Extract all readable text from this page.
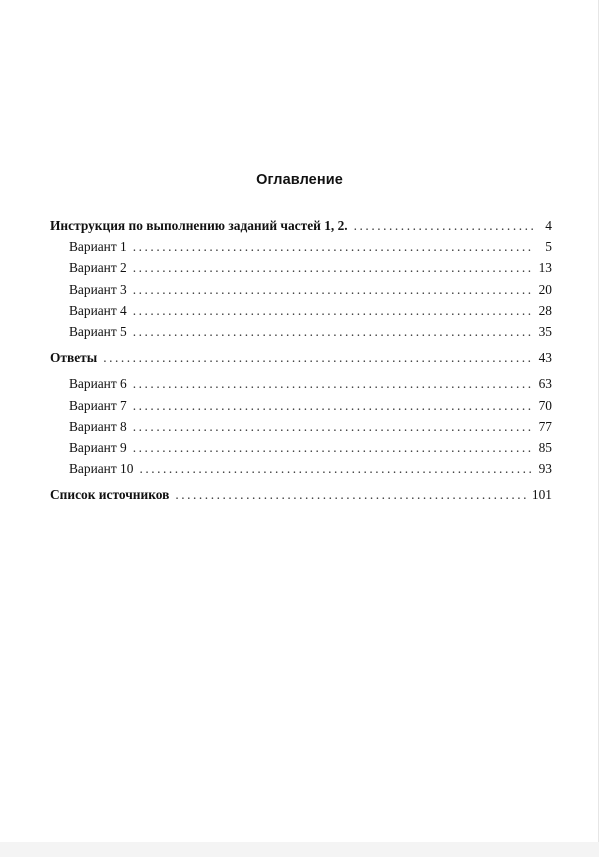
Оглавление
Инструкция по выполнению заданий частей 1, 2. . . .	4
Вариант 1 . . .	5
Вариант 2 . . .	13
Вариант 3 . . .	20
Вариант 4 . . .	28
Вариант 5 . . .	35
Ответы . . .	43
Вариант 6 . . .	63
Вариант 7 . . .	70
Вариант 8 . . .	77
Вариант 9 . . .	85
Вариант 10 . . .	93
Список источников . . .	101
